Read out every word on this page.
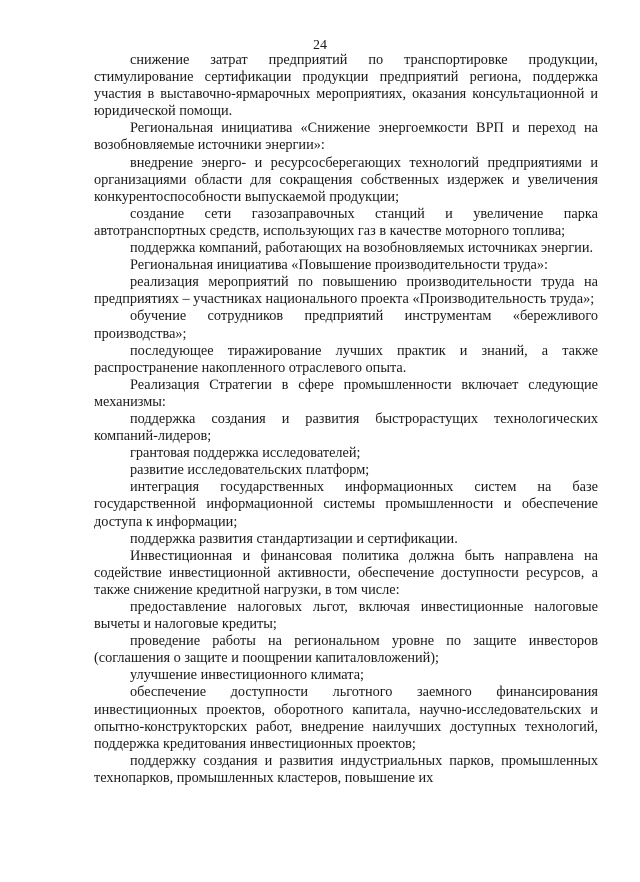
24

снижение затрат предприятий по транспортировке продукции, стимулирование сертификации продукции предприятий региона, поддержка участия в выставочно-ярмарочных мероприятиях, оказания консультационной и юридической помощи.

Региональная инициатива «Снижение энергоемкости ВРП и переход на возобновляемые источники энергии»:

внедрение энерго- и ресурсосберегающих технологий предприятиями и организациями области для сокращения собственных издержек и увеличения конкурентоспособности выпускаемой продукции;

создание сети газозаправочных станций и увеличение парка автотранспортных средств, использующих газ в качестве моторного топлива;

поддержка компаний, работающих на возобновляемых источниках энергии.

Региональная инициатива «Повышение производительности труда»:

реализация мероприятий по повышению производительности труда на предприятиях – участниках национального проекта «Производительность труда»;

обучение сотрудников предприятий инструментам «бережливого производства»;

последующее тиражирование лучших практик и знаний, а также распространение накопленного отраслевого опыта.

Реализация Стратегии в сфере промышленности включает следующие механизмы:

поддержка создания и развития быстрорастущих технологических компаний-лидеров;

грантовая поддержка исследователей;

развитие исследовательских платформ;

интеграция государственных информационных систем на базе государственной информационной системы промышленности и обеспечение доступа к информации;

поддержка развития стандартизации и сертификации.

Инвестиционная и финансовая политика должна быть направлена на содействие инвестиционной активности, обеспечение доступности ресурсов, а также снижение кредитной нагрузки, в том числе:

предоставление налоговых льгот, включая инвестиционные налоговые вычеты и налоговые кредиты;

проведение работы на региональном уровне по защите инвесторов (соглашения о защите и поощрении капиталовложений);

улучшение инвестиционного климата;

обеспечение доступности льготного заемного финансирования инвестиционных проектов, оборотного капитала, научно-исследовательских и опытно-конструкторских работ, внедрение наилучших доступных технологий, поддержка кредитования инвестиционных проектов;

поддержку создания и развития индустриальных парков, промышленных технопарков, промышленных кластеров, повышение их
